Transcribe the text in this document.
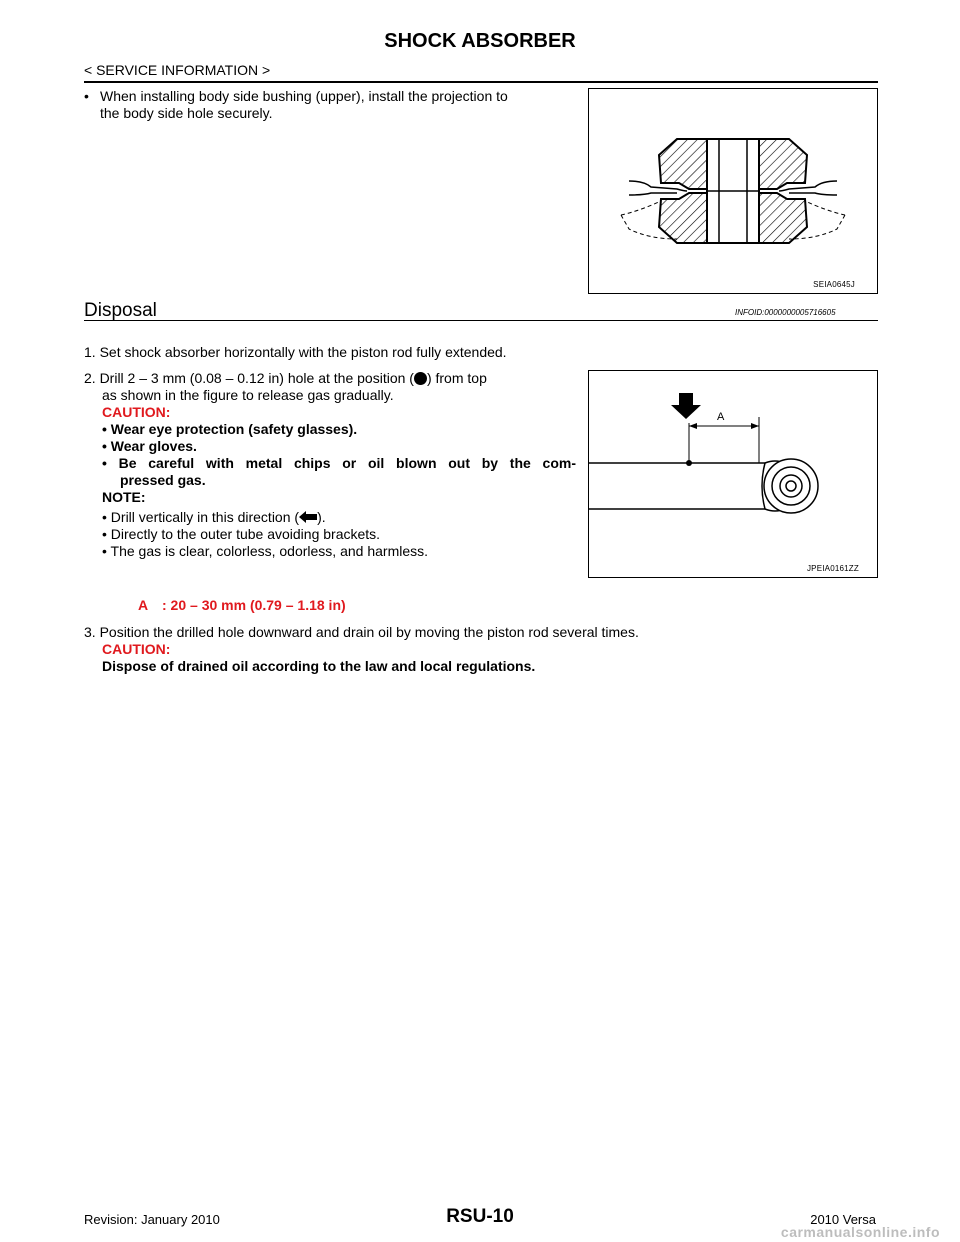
SHOCK ABSORBER
< SERVICE INFORMATION >
• When installing body side bushing (upper), install the projection to
the body side hole securely.
SEIA0645J
Disposal	INFOID:0000000005716605
1. Set shock absorber horizontally with the piston rod fully extended.
2. Drill 2 – 3 mm (0.08 – 0.12 in) hole at the position ( ) from top
as shown in the figure to release gas gradually.
CAUTION:
• Wear eye protection (safety glasses).
• Wear gloves.
• Be careful with metal chips or oil blown out by the com-
pressed gas.
NOTE:
• Drill vertically in this direction ( ).
• Directly to the outer tube avoiding brackets.
• The gas is clear, colorless, odorless, and harmless.
A
JPEIA0161ZZ
A : 20 – 30 mm (0.79 – 1.18 in)
3. Position the drilled hole downward and drain oil by moving the piston rod several times.
CAUTION:
Dispose of drained oil according to the law and local regulations.
Revision: January 2010	RSU-10	2010 Versa
carmanualsonline.info
